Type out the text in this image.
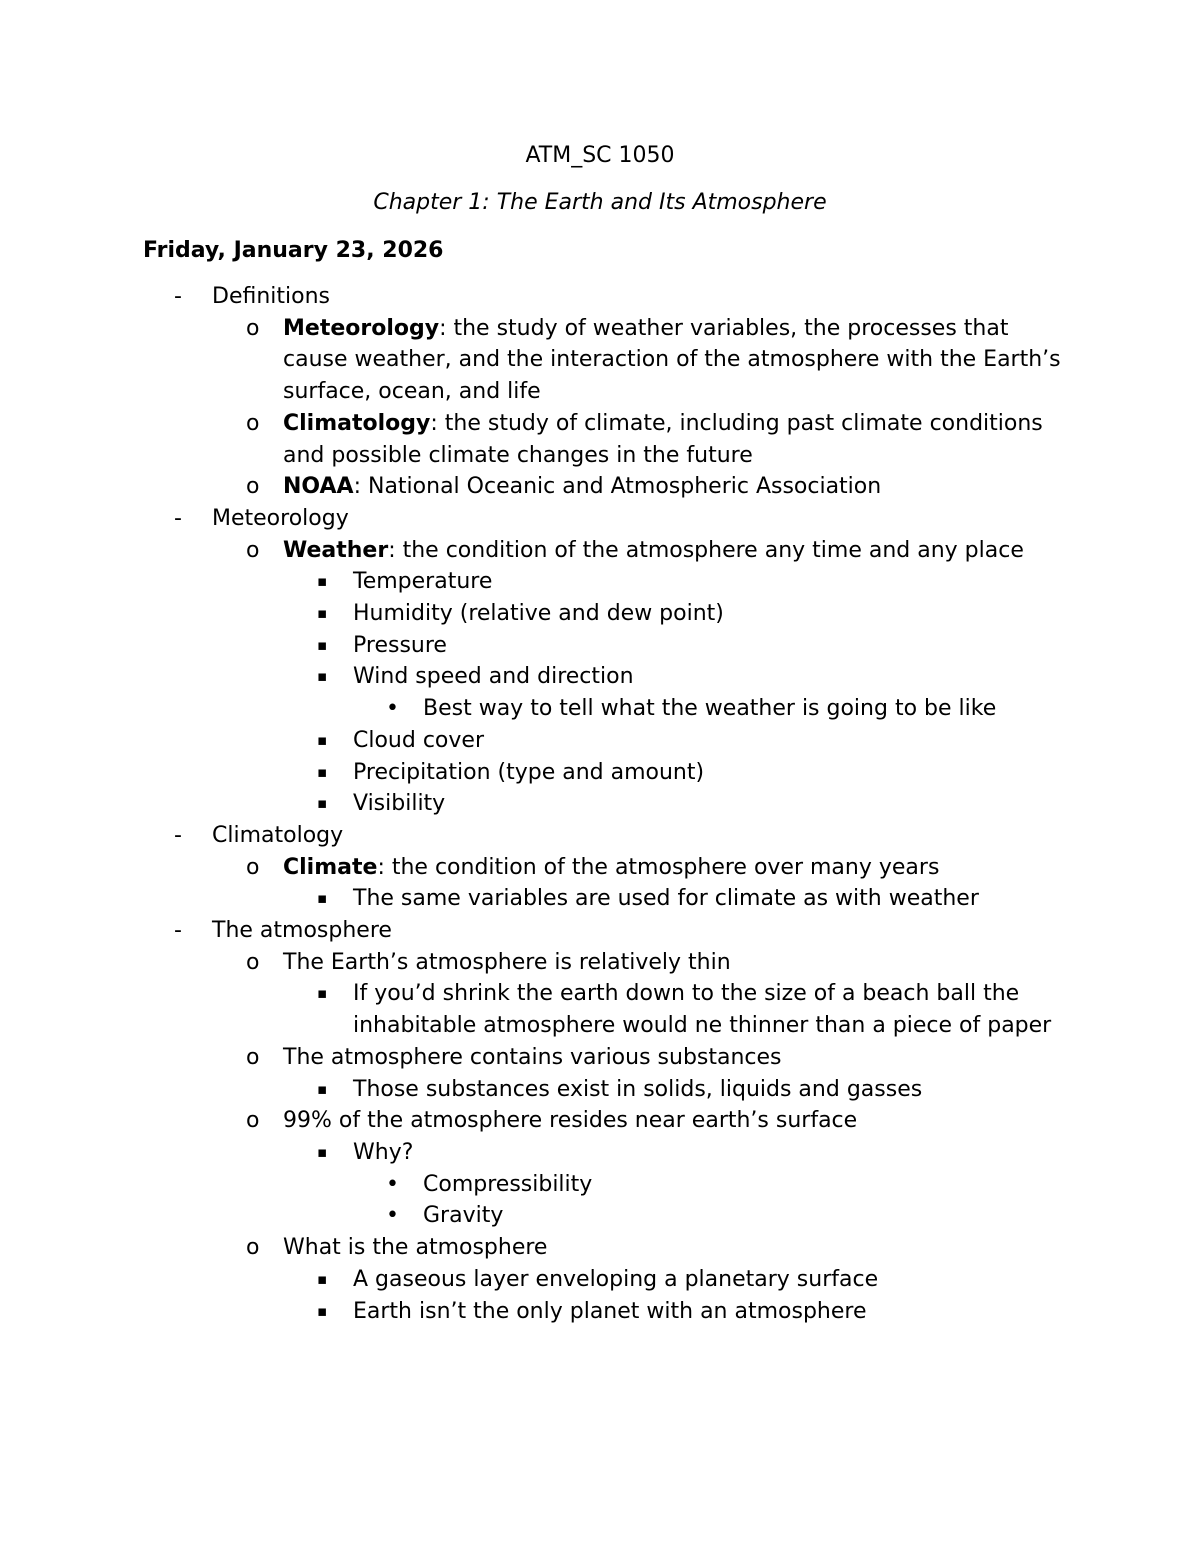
ATM_SC 1050
Chapter 1: The Earth and Its Atmosphere
Friday, January 23, 2026
- Definitions
o Meteorology: the study of weather variables, the processes that cause weather, and the interaction of the atmosphere with the Earth’s surface, ocean, and life
o Climatology: the study of climate, including past climate conditions and possible climate changes in the future
o NOAA: National Oceanic and Atmospheric Association
- Meteorology
o Weather: the condition of the atmosphere any time and any place
▪ Temperature
▪ Humidity (relative and dew point)
▪ Pressure
▪ Wind speed and direction
• Best way to tell what the weather is going to be like
▪ Cloud cover
▪ Precipitation (type and amount)
▪ Visibility
- Climatology
o Climate: the condition of the atmosphere over many years
▪ The same variables are used for climate as with weather
- The atmosphere
o The Earth’s atmosphere is relatively thin
▪ If you’d shrink the earth down to the size of a beach ball the inhabitable atmosphere would ne thinner than a piece of paper
o The atmosphere contains various substances
▪ Those substances exist in solids, liquids and gasses
o 99% of the atmosphere resides near earth’s surface
▪ Why?
• Compressibility
• Gravity
o What is the atmosphere
▪ A gaseous layer enveloping a planetary surface
▪ Earth isn’t the only planet with an atmosphere
